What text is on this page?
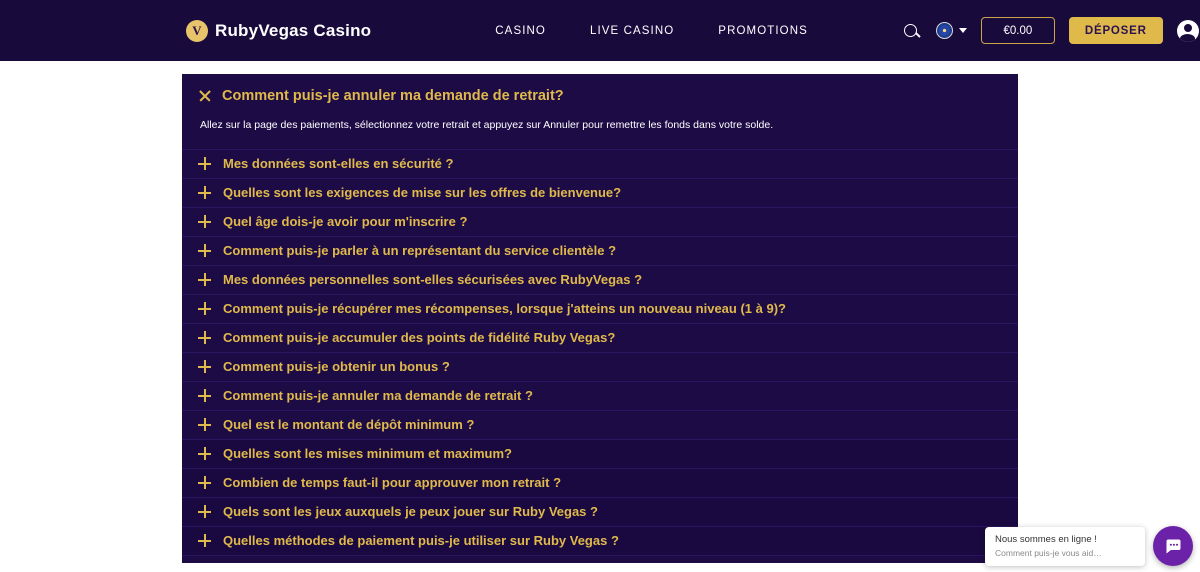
V RubyVegas Casino	CASINO	LIVE CASINO	PROMOTIONS	€0.00	DÉPOSER
Comment puis-je annuler ma demande de retrait?
Allez sur la page des paiements, sélectionnez votre retrait et appuyez sur Annuler pour remettre les fonds dans votre solde.
Mes données sont-elles en sécurité ?
Quelles sont les exigences de mise sur les offres de bienvenue?
Quel âge dois-je avoir pour m'inscrire ?
Comment puis-je parler à un représentant du service clientèle ?
Mes données personnelles sont-elles sécurisées avec RubyVegas ?
Comment puis-je récupérer mes récompenses, lorsque j'atteins un nouveau niveau (1 à 9)?
Comment puis-je accumuler des points de fidélité Ruby Vegas?
Comment puis-je obtenir un bonus ?
Comment puis-je annuler ma demande de retrait ?
Quel est le montant de dépôt minimum ?
Quelles sont les mises minimum et maximum?
Combien de temps faut-il pour approuver mon retrait ?
Quels sont les jeux auxquels je peux jouer sur Ruby Vegas ?
Quelles méthodes de paiement puis-je utiliser sur Ruby Vegas ?	Nous sommes en ligne !
Comment puis-je vous aid…
